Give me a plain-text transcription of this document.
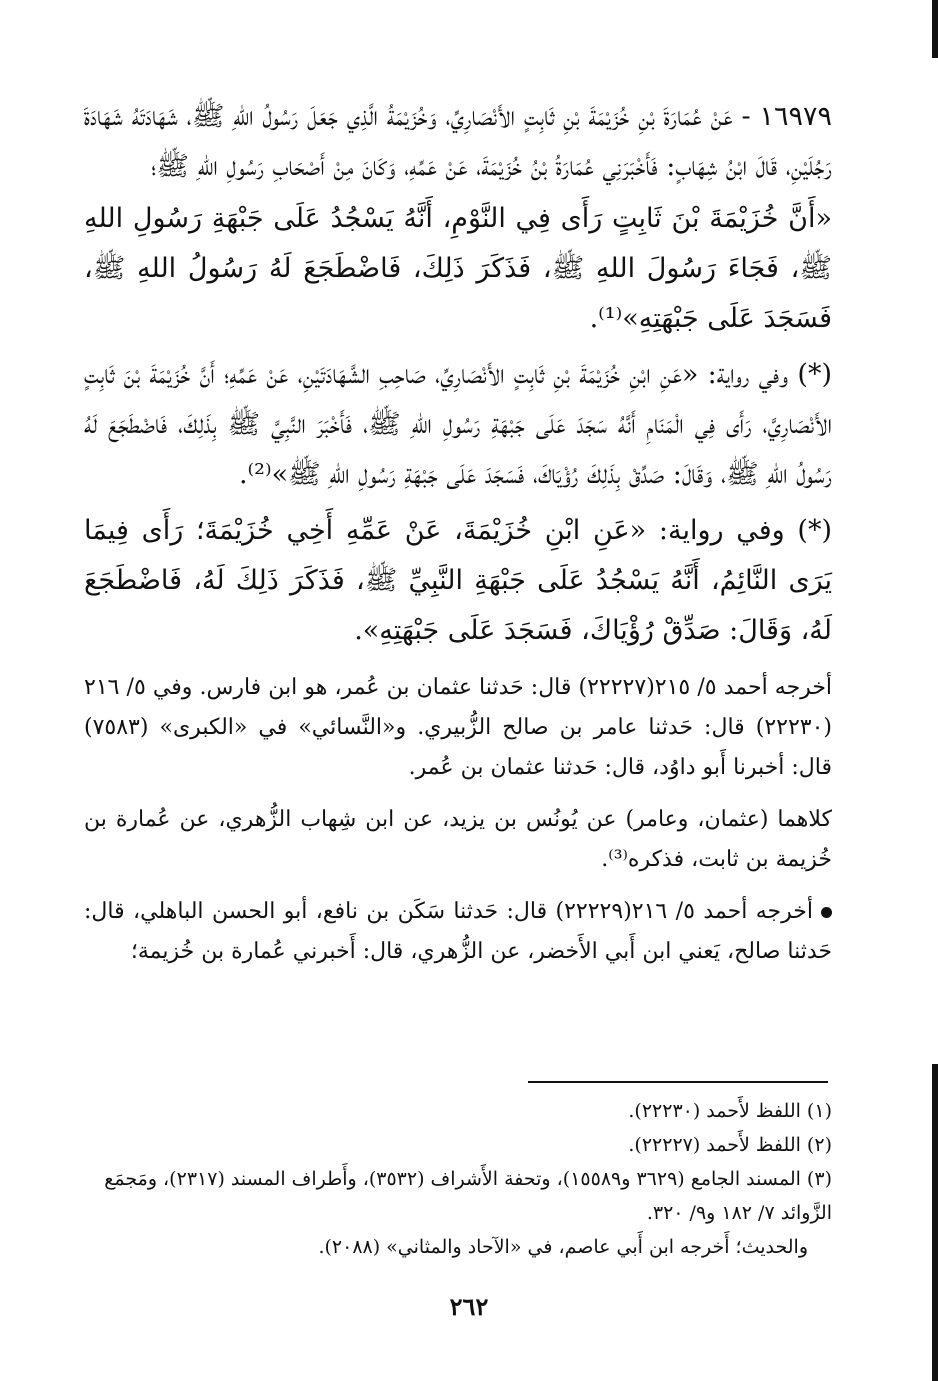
١٦٩٧٩ - عَنْ عُمَارَةَ بْنِ خُزَيْمَةَ بْنِ ثَابِتٍ الأَنْصَارِيِّ، وَخُزَيْمَةُ الَّذِي جَعَلَ رَسُولُ اللهِ ﷺ، شَهَادَتَهُ شَهَادَةَ رَجُلَيْنِ، قَالَ ابْنُ شِهَابٍ: فَأَخْبَرَنِي عُمَارَةُ بْنُ خُزَيْمَةَ، عَنْ عَمِّهِ، وَكَانَ مِنْ أَصْحَابِ رَسُولِ اللهِ ﷺ؛

«أَنَّ خُزَيْمَةَ بْنَ ثَابِتٍ رَأَى فِي النَّوْمِ، أَنَّهُ يَسْجُدُ عَلَى جَبْهَةِ رَسُولِ اللهِ ﷺ، فَجَاءَ رَسُولَ اللهِ ﷺ، فَذَكَرَ ذَلِكَ، فَاضْطَجَعَ لَهُ رَسُولُ اللهِ ﷺ، فَسَجَدَ عَلَى جَبْهَتِهِ»⁽¹⁾.

(*) وفي رواية: «عَنِ ابْنِ خُزَيْمَةَ بْنِ ثَابِتٍ الأَنْصَارِيِّ، صَاحِبِ الشَّهَادَتَيْنِ، عَنْ عَمِّهِ؛ أَنَّ خُزَيْمَةَ بْنَ ثَابِتٍ الأَنْصَارِيَّ، رَأَى فِي الْمَنَامِ أَنَّهُ سَجَدَ عَلَى جَبْهَةِ رَسُولِ اللهِ ﷺ، فَأَخْبَرَ النَّبِيَّ ﷺ بِذَلِكَ، فَاضْطَجَعَ لَهُ رَسُولُ اللهِ ﷺ، وَقَالَ: صَدِّقْ بِذَلِكَ رُؤْيَاكَ، فَسَجَدَ عَلَى جَبْهَةِ رَسُولِ اللهِ ﷺ»⁽²⁾.

(*) وفي رواية: «عَنِ ابْنِ خُزَيْمَةَ، عَنْ عَمِّهِ أَخِي خُزَيْمَةَ؛ رَأَى فِيمَا يَرَى النَّائِمُ، أَنَّهُ يَسْجُدُ عَلَى جَبْهَةِ النَّبِيِّ ﷺ، فَذَكَرَ ذَلِكَ لَهُ، فَاضْطَجَعَ لَهُ، وَقَالَ: صَدِّقْ رُؤْيَاكَ، فَسَجَدَ عَلَى جَبْهَتِهِ».

أخرجه أحمد ٥/ ٢١٥(٢٢٢٢٧) قال: حَدثنا عثمان بن عُمر، هو ابن فارس. وفي ٥/ ٢١٦ (٢٢٢٣٠) قال: حَدثنا عامر بن صالح الزُّبيري. و«النَّسائي» في «الكبرى» (٧٥٨٣) قال: أخبرنا أَبو داوُد، قال: حَدثنا عثمان بن عُمر.

كلاهما (عثمان، وعامر) عن يُونُس بن يزيد، عن ابن شِهاب الزُّهري، عن عُمارة بن خُزيمة بن ثابت، فذكره⁽³⁾.

أخرجه أحمد ٥/ ٢١٦(٢٢٢٢٩) قال: حَدثنا سَكَن بن نافع، أبو الحسن الباهلي، قال: حَدثنا صالح، يَعني ابن أَبي الأَخضر، عن الزُّهري، قال: أَخبرني عُمارة بن خُزيمة؛

(١) اللفظ لأَحمد (٢٢٢٣٠).

(٢) اللفظ لأَحمد (٢٢٢٢٧).

(٣) المسند الجامع (٣٦٢٩ و١٥٥٨٩)، وتحفة الأَشراف (٣٥٣٢)، وأَطراف المسند (٢٣١٧)، ومَجمَع الزَّوائد ٧/ ١٨٢ و٩/ ٣٢٠.

والحديث؛ أَخرجه ابن أَبي عاصم، في «الآحاد والمثاني» (٢٠٨٨).

٢٦٢
